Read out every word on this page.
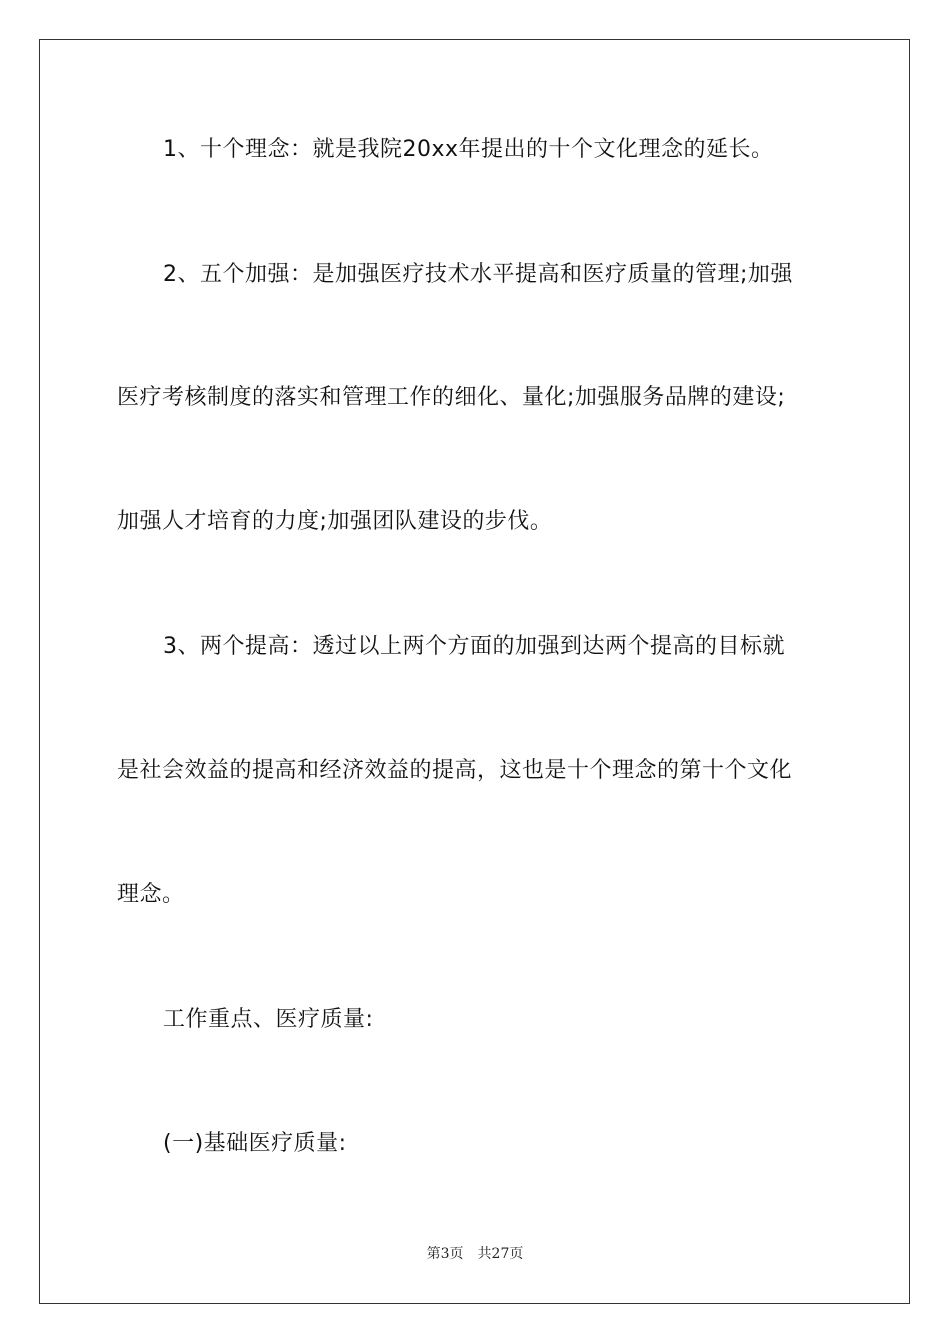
1、十个理念：就是我院20xx年提出的十个文化理念的延长。
2、五个加强：是加强医疗技术水平提高和医疗质量的管理;加强
医疗考核制度的落实和管理工作的细化、量化;加强服务品牌的建设;
加强人才培育的力度;加强团队建设的步伐。
3、两个提高：透过以上两个方面的加强到达两个提高的目标就
是社会效益的提高和经济效益的提高，这也是十个理念的第十个文化
理念。
工作重点、医疗质量:
(一)基础医疗质量:
第3页 共27页
